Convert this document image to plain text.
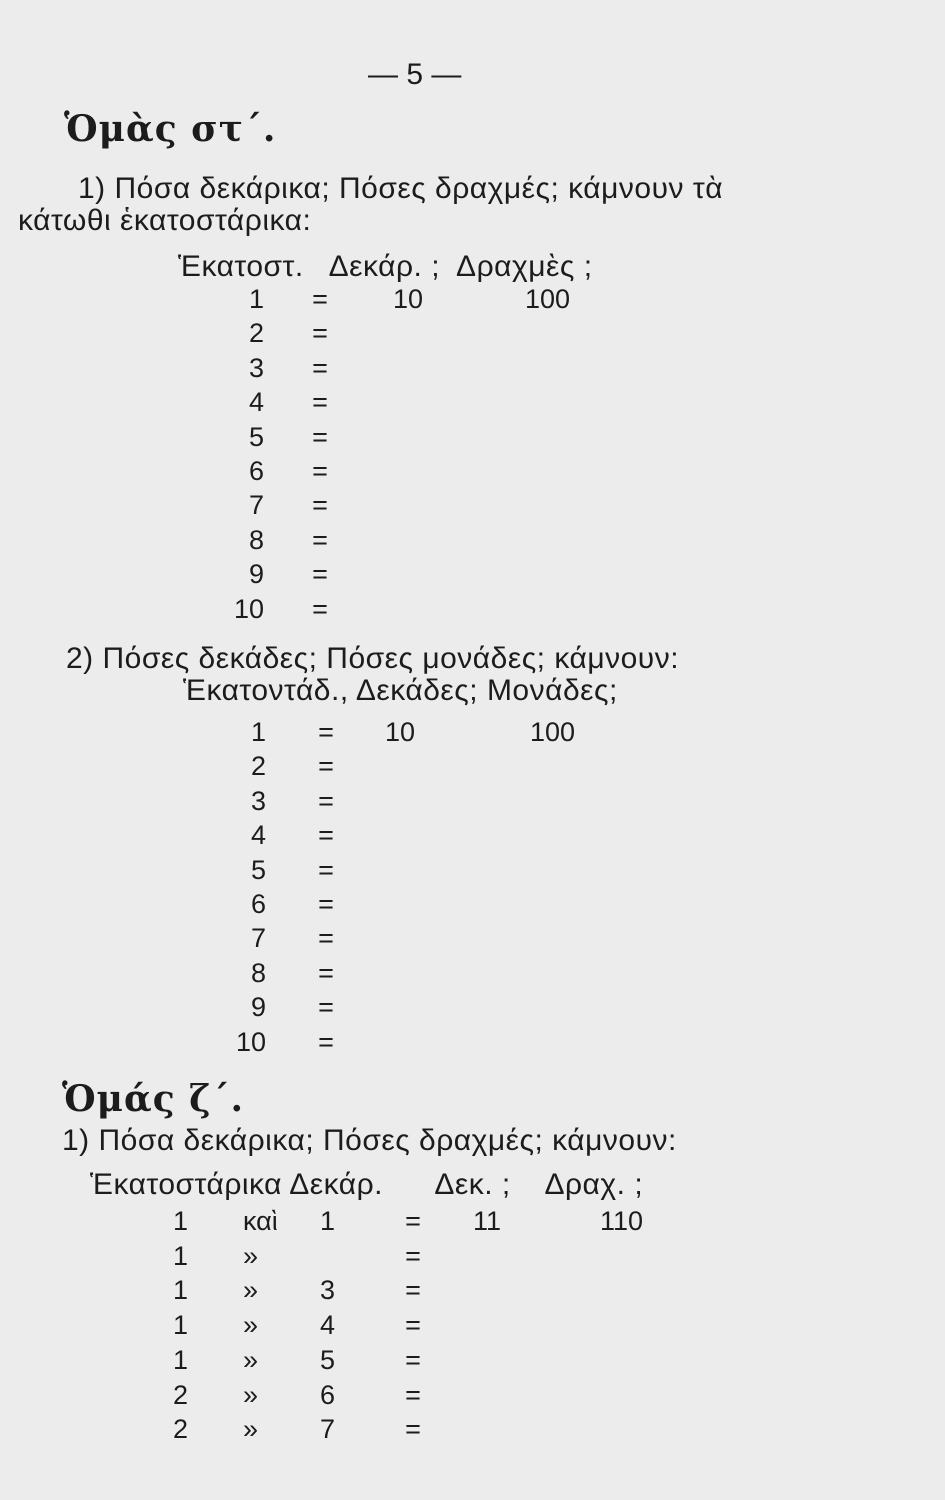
— 5 —
Ὁμὰς στ΄.
1) Πόσα δεκάρικα; Πόσες δραχμές; κάμνουν τὰ
κάτωθι ἑκατοστάρικα:
Ἑκατοστ.   Δεκάρ. ;  Δραχμὲς ;
1 = 10	100
2 =
3 =
4 =
5 =
6 =
7 =
8 =
9 =
10 =
2) Πόσες δεκάδες; Πόσες μονάδες; κάμνουν:
Ἑκατοντάδ., Δεκάδες; Μονάδες;
1 = 10	100
2 =
3 =
4 =
5 =
6 =
7 =
8 =
9 =
10 =
Ὁμάς ζ΄.
1) Πόσα δεκάρικα; Πόσες δραχμές; κάμνουν:
Ἑκατοστάρικα Δεκάρ.      Δεκ. ;    Δραχ. ;
1 καὶ 1	= 11	110
1 »	=
1 » 3	=
1 » 4	=
1 » 5	=
2 » 6	=
2 » 7	=
